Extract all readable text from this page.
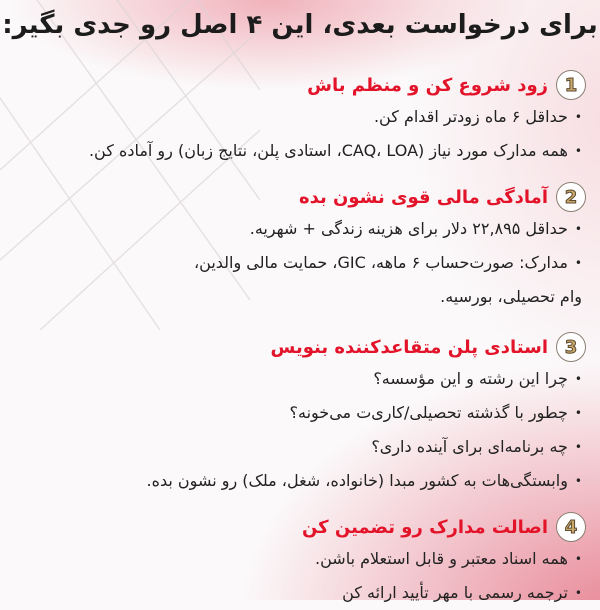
برای درخواست بعدی، این ۴ اصل رو جدی بگیر:
1
زود شروع کن و منظم باش
•حداقل ۶ ماه زودتر اقدام کن.
•همه مدارک مورد نیاز (CAQ، LOA، استادی پلن، نتایج زبان) رو آماده کن.
2
آمادگی مالی قوی نشون بده
•حداقل ۲۲,۸۹۵ دلار برای هزینه زندگی + شهریه.
•مدارک: صورت‌حساب ۶ ماهه، GIC، حمایت مالی والدین،
وام تحصیلی، بورسیه.
3
استادی پلن متقاعدکننده بنویس
•چرا این رشته و این مؤسسه؟
•چطور با گذشته تحصیلی/کاری‌ت می‌خونه؟
•چه برنامه‌ای برای آینده داری؟
•وابستگی‌هات به کشور مبدا (خانواده، شغل، ملک) رو نشون بده.
4
اصالت مدارک رو تضمین کن
•همه اسناد معتبر و قابل استعلام باشن.
•ترجمه رسمی با مهر تأیید ارائه کن
